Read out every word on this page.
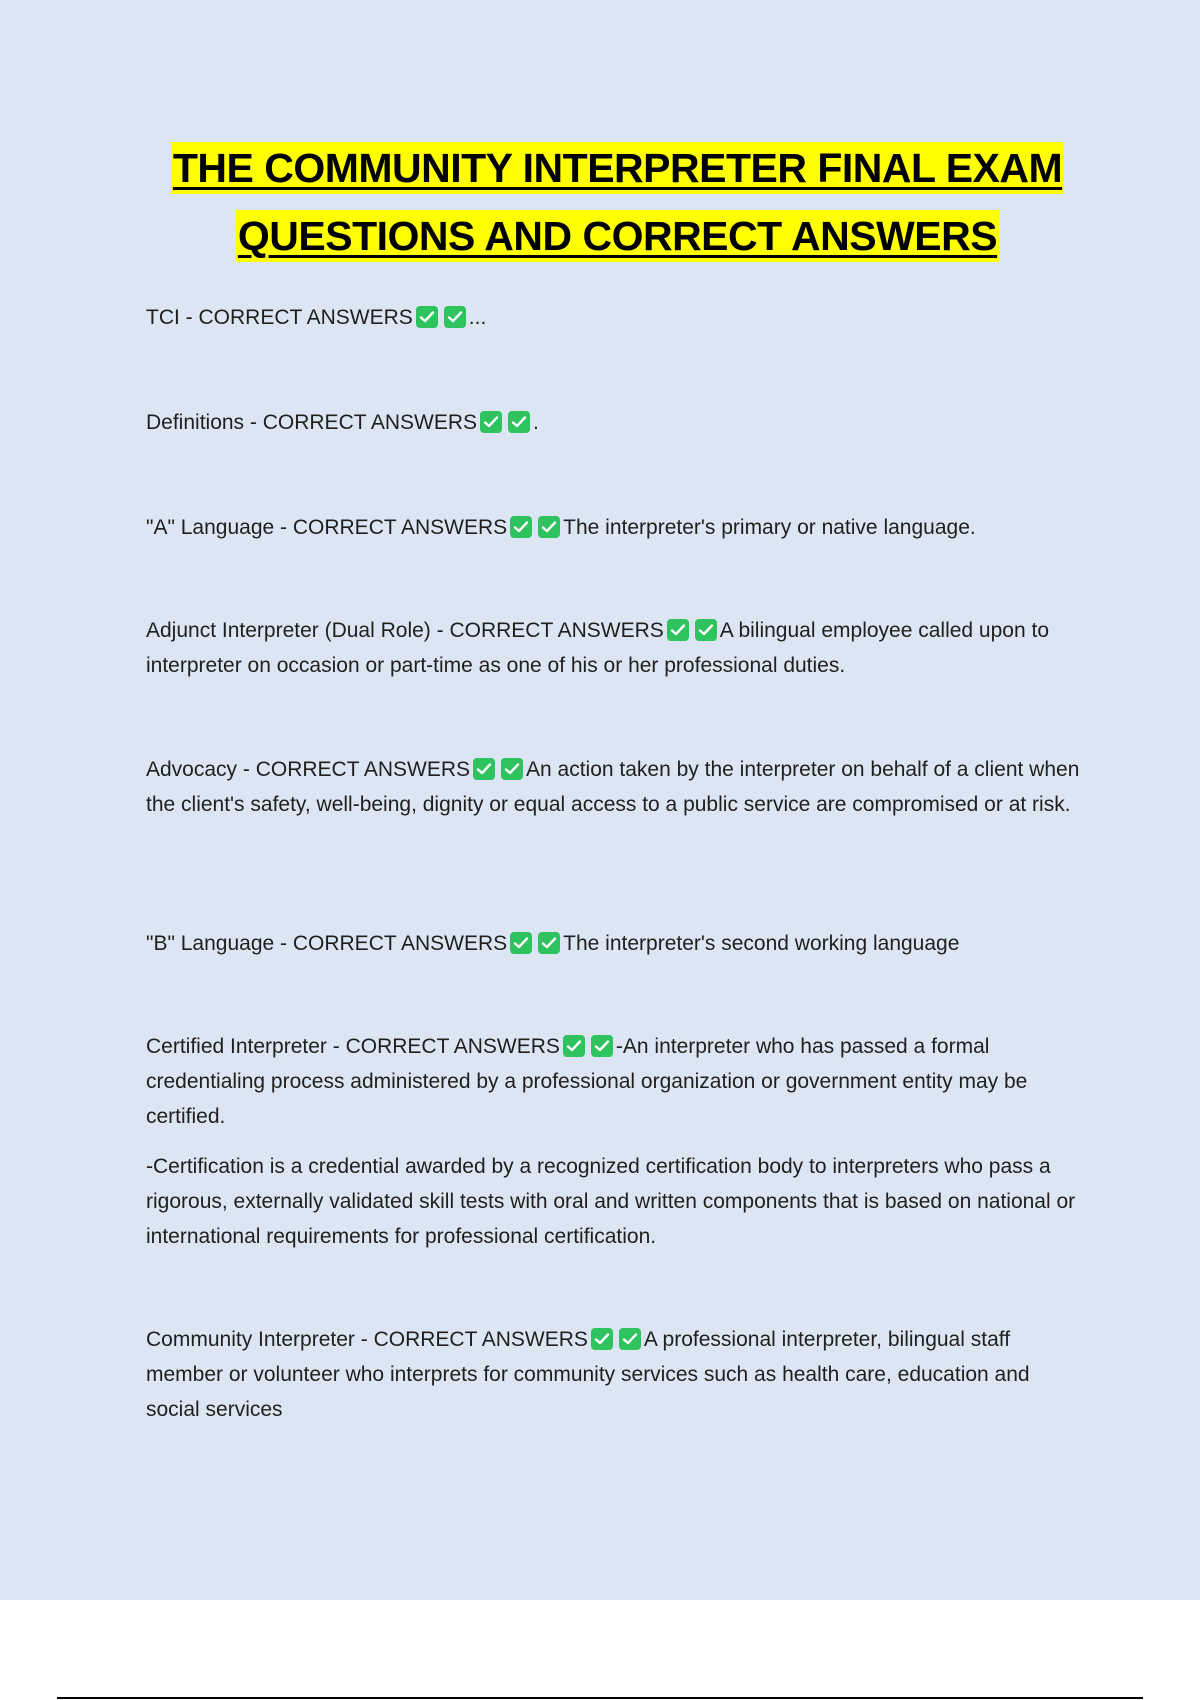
THE COMMUNITY INTERPRETER FINAL EXAM
QUESTIONS AND CORRECT ANSWERS

TCI - CORRECT ANSWERS	...

Definitions - CORRECT ANSWERS	.

"A" Language - CORRECT ANSWERS	The interpreter's primary or native language.

Adjunct Interpreter (Dual Role) - CORRECT ANSWERS	A bilingual employee called upon to interpreter on occasion or part-time as one of his or her professional duties.

Advocacy - CORRECT ANSWERS	An action taken by the interpreter on behalf of a client when the client's safety, well-being, dignity or equal access to a public service are compromised or at risk.

"B" Language - CORRECT ANSWERS	The interpreter's second working language

Certified Interpreter - CORRECT ANSWERS	-An interpreter who has passed a formal credentialing process administered by a professional organization or government entity may be certified.

-Certification is a credential awarded by a recognized certification body to interpreters who pass a rigorous, externally validated skill tests with oral and written components that is based on national or international requirements for professional certification.

Community Interpreter - CORRECT ANSWERS	A professional interpreter, bilingual staff member or volunteer who interprets for community services such as health care, education and social services
